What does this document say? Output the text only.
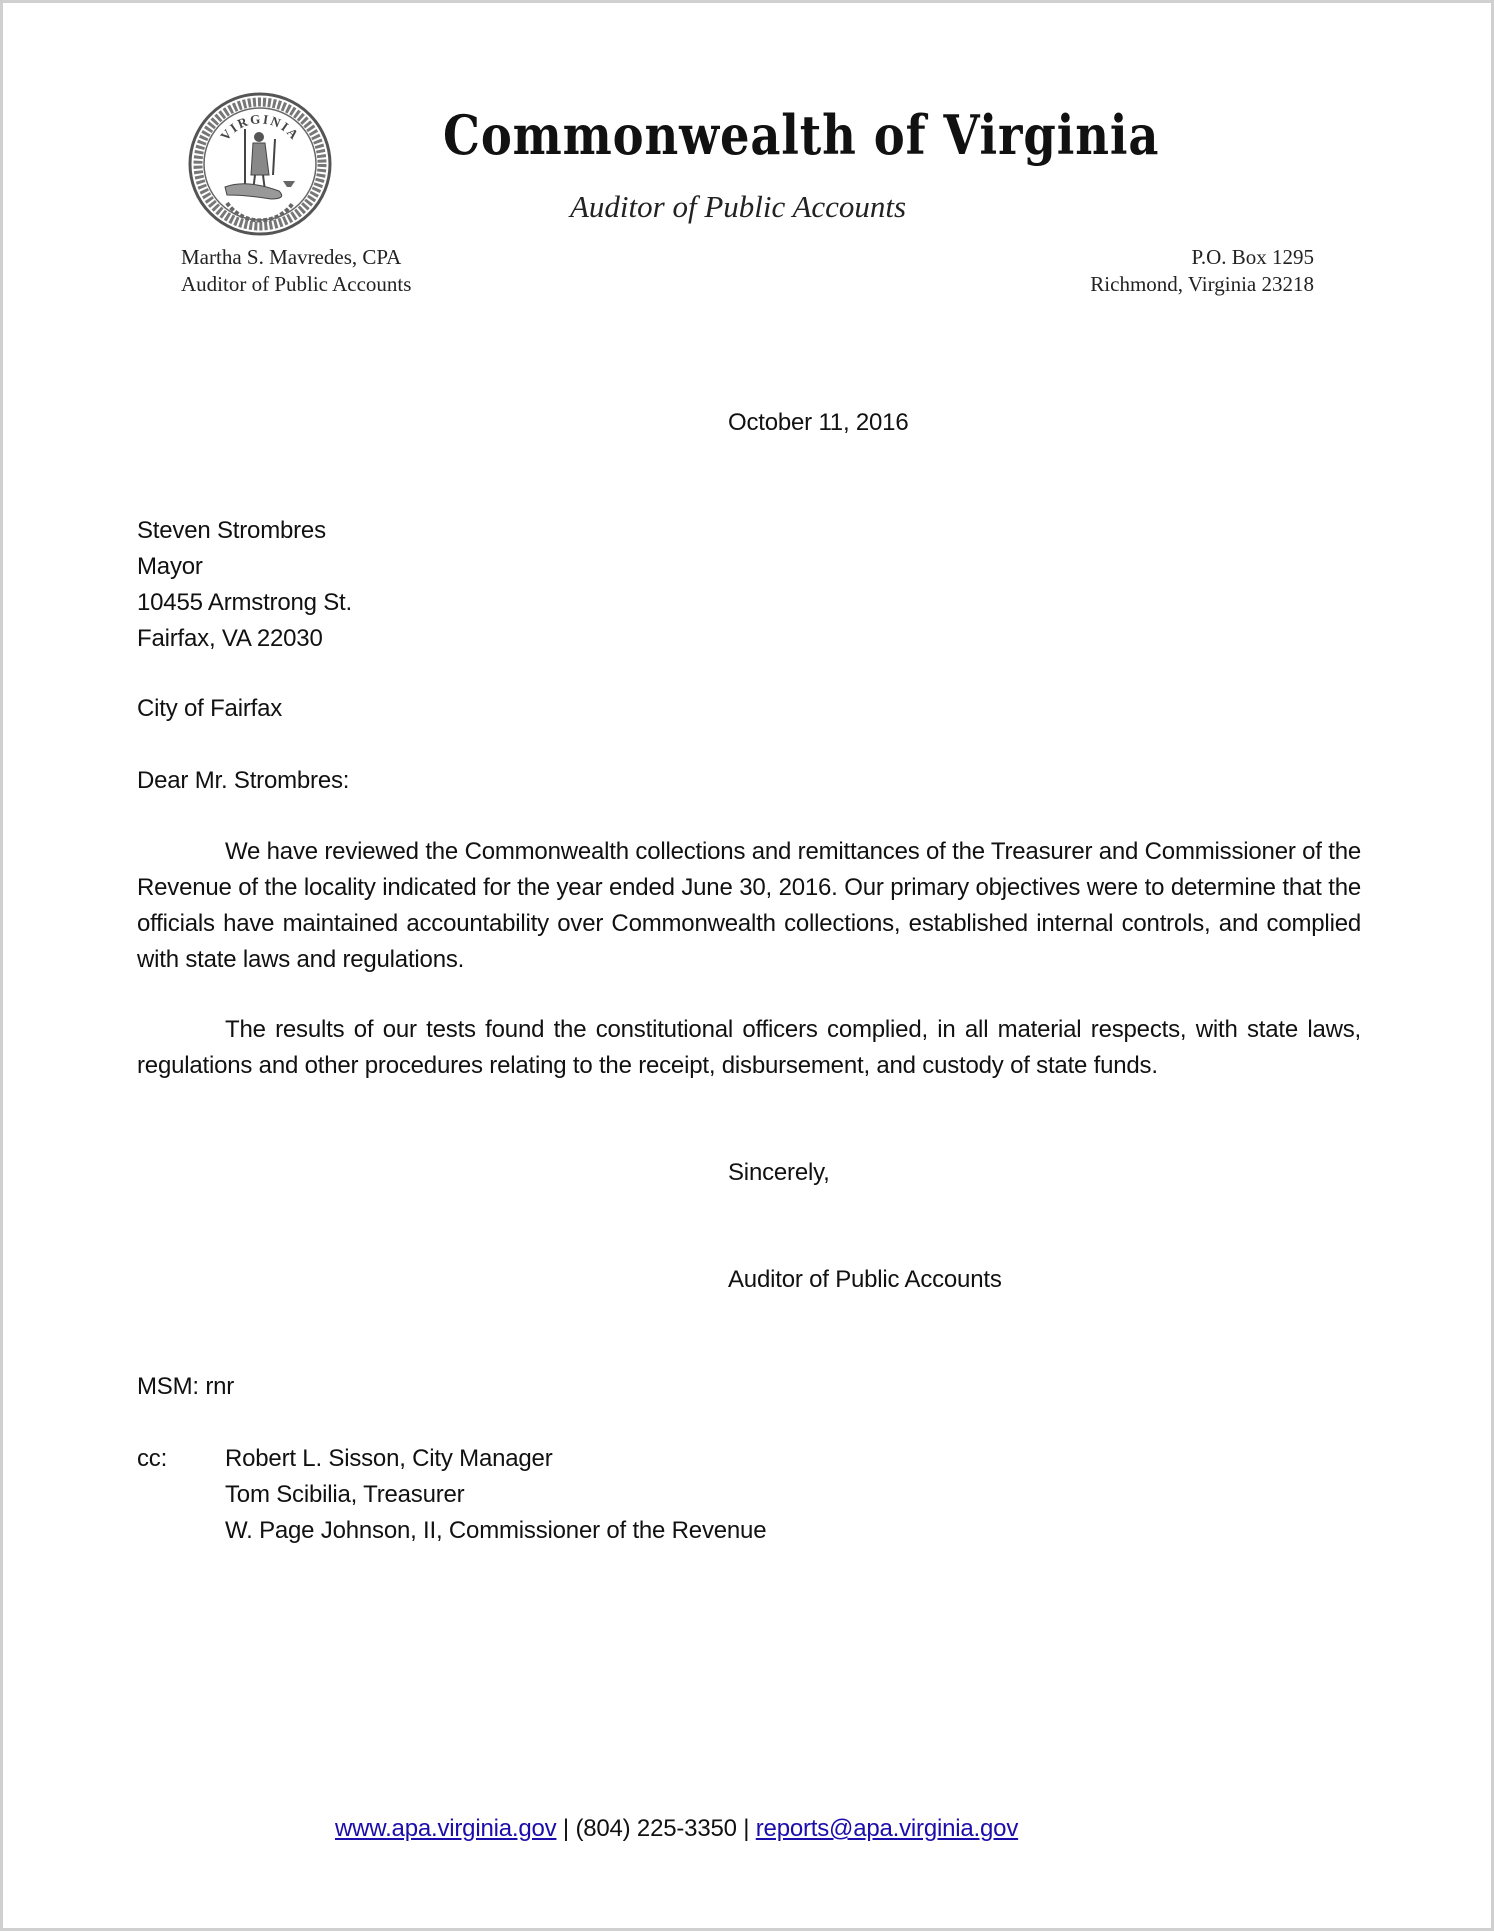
VIRGINIA	Commonwealth of Virginia
Auditor of Public Accounts
Martha S. Mavredes, CPA
Auditor of Public Accounts
P.O. Box 1295
Richmond, Virginia 23218
October 11, 2016
Steven Strombres
Mayor
10455 Armstrong St.
Fairfax, VA 22030
City of Fairfax
Dear Mr. Strombres:
We have reviewed the Commonwealth collections and remittances of the Treasurer and Commissioner of the Revenue of the locality indicated for the year ended June 30, 2016. Our primary objectives were to determine that the officials have maintained accountability over Commonwealth collections, established internal controls, and complied with state laws and regulations.
The results of our tests found the constitutional officers complied, in all material respects, with state laws, regulations and other procedures relating to the receipt, disbursement, and custody of state funds.
Sincerely,
Auditor of Public Accounts
MSM: rnr
cc: Robert L. Sisson, City Manager
Tom Scibilia, Treasurer
W. Page Johnson, II, Commissioner of the Revenue
www.apa.virginia.gov | (804) 225-3350 | reports@apa.virginia.gov
